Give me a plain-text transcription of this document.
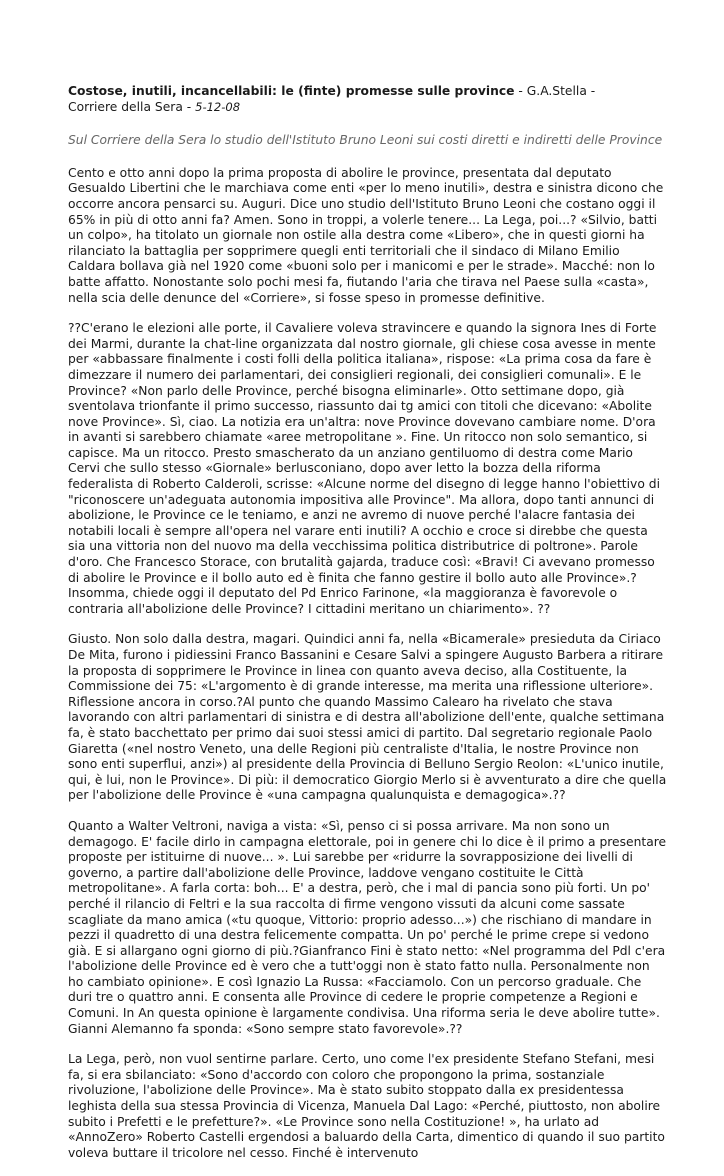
Costose, inutili, incancellabili: le (finte) promesse sulle province - G.A.Stella -
Corriere della Sera - 5-12-08
Sul Corriere della Sera lo studio dell'Istituto Bruno Leoni sui costi diretti e indiretti delle Province
Cento e otto anni dopo la prima proposta di abolire le province, presentata dal deputato Gesualdo Libertini che le marchiava come enti «per lo meno inutili», destra e sinistra dicono che occorre ancora pensarci su. Auguri. Dice uno studio dell'Istituto Bruno Leoni che costano oggi il 65% in più di otto anni fa? Amen. Sono in troppi, a volerle tenere... La Lega, poi...? «Silvio, batti un colpo», ha titolato un giornale non ostile alla destra come «Libero», che in questi giorni ha rilanciato la battaglia per sopprimere quegli enti territoriali che il sindaco di Milano Emilio Caldara bollava già nel 1920 come «buoni solo per i manicomi e per le strade». Macché: non lo batte affatto. Nonostante solo pochi mesi fa, fiutando l'aria che tirava nel Paese sulla «casta», nella scia delle denunce del «Corriere», si fosse speso in promesse definitive.
??C'erano le elezioni alle porte, il Cavaliere voleva stravincere e quando la signora Ines di Forte dei Marmi, durante la chat-line organizzata dal nostro giornale, gli chiese cosa avesse in mente per «abbassare finalmente i costi folli della politica italiana», rispose: «La prima cosa da fare è dimezzare il numero dei parlamentari, dei consiglieri regionali, dei consiglieri comunali». E le Province? «Non parlo delle Province, perché bisogna eliminarle». Otto settimane dopo, già sventolava trionfante il primo successo, riassunto dai tg amici con titoli che dicevano: «Abolite nove Province». Sì, ciao. La notizia era un'altra: nove Province dovevano cambiare nome. D'ora in avanti si sarebbero chiamate «aree metropolitane ». Fine. Un ritocco non solo semantico, si capisce. Ma un ritocco. Presto smascherato da un anziano gentiluomo di destra come Mario Cervi che sullo stesso «Giornale» berlusconiano, dopo aver letto la bozza della riforma federalista di Roberto Calderoli, scrisse: «Alcune norme del disegno di legge hanno l'obiettivo di "riconoscere un'adeguata autonomia impositiva alle Province". Ma allora, dopo tanti annunci di abolizione, le Province ce le teniamo, e anzi ne avremo di nuove perché l'alacre fantasia dei notabili locali è sempre all'opera nel varare enti inutili? A occhio e croce si direbbe che questa sia una vittoria non del nuovo ma della vecchissima politica distributrice di poltrone». Parole d'oro. Che Francesco Storace, con brutalità gajarda, traduce così: «Bravi! Ci avevano promesso di abolire le Province e il bollo auto ed è finita che fanno gestire il bollo auto alle Province».?Insomma, chiede oggi il deputato del Pd Enrico Farinone, «la maggioranza è favorevole o contraria all'abolizione delle Province? I cittadini meritano un chiarimento». ??
Giusto. Non solo dalla destra, magari. Quindici anni fa, nella «Bicamerale» presieduta da Ciriaco De Mita, furono i pidiessini Franco Bassanini e Cesare Salvi a spingere Augusto Barbera a ritirare la proposta di sopprimere le Province in linea con quanto aveva deciso, alla Costituente, la Commissione dei 75: «L'argomento è di grande interesse, ma merita una riflessione ulteriore». Riflessione ancora in corso.?Al punto che quando Massimo Calearo ha rivelato che stava lavorando con altri parlamentari di sinistra e di destra all'abolizione dell'ente, qualche settimana fa, è stato bacchettato per primo dai suoi stessi amici di partito. Dal segretario regionale Paolo Giaretta («nel nostro Veneto, una delle Regioni più centraliste d'Italia, le nostre Province non sono enti superflui, anzi») al presidente della Provincia di Belluno Sergio Reolon: «L'unico inutile, qui, è lui, non le Province». Di più: il democratico Giorgio Merlo si è avventurato a dire che quella per l'abolizione delle Province è «una campagna qualunquista e demagogica».??
Quanto a Walter Veltroni, naviga a vista: «Sì, penso ci si possa arrivare. Ma non sono un demagogo. E' facile dirlo in campagna elettorale, poi in genere chi lo dice è il primo a presentare proposte per istituirne di nuove... ». Lui sarebbe per «ridurre la sovrapposizione dei livelli di governo, a partire dall'abolizione delle Province, laddove vengano costituite le Città metropolitane». A farla corta: boh... E' a destra, però, che i mal di pancia sono più forti. Un po' perché il rilancio di Feltri e la sua raccolta di firme vengono vissuti da alcuni come sassate scagliate da mano amica («tu quoque, Vittorio: proprio adesso...») che rischiano di mandare in pezzi il quadretto di una destra felicemente compatta. Un po' perché le prime crepe si vedono già. E si allargano ogni giorno di più.?Gianfranco Fini è stato netto: «Nel programma del Pdl c'era l'abolizione delle Province ed è vero che a tutt'oggi non è stato fatto nulla. Personalmente non ho cambiato opinione». E così Ignazio La Russa: «Facciamolo. Con un percorso graduale. Che duri tre o quattro anni. E consenta alle Province di cedere le proprie competenze a Regioni e Comuni. In An questa opinione è largamente condivisa. Una riforma seria le deve abolire tutte». Gianni Alemanno fa sponda: «Sono sempre stato favorevole».??
La Lega, però, non vuol sentirne parlare. Certo, uno come l'ex presidente Stefano Stefani, mesi fa, si era sbilanciato: «Sono d'accordo con coloro che propongono la prima, sostanziale rivoluzione, l'abolizione delle Province». Ma è stato subito stoppato dalla ex presidentessa leghista della sua stessa Provincia di Vicenza, Manuela Dal Lago: «Perché, piuttosto, non abolire subito i Prefetti e le prefetture?». «Le Province sono nella Costituzione! », ha urlato ad «AnnoZero» Roberto Castelli ergendosi a baluardo della Carta, dimentico di quando il suo partito voleva buttare il tricolore nel cesso. Finché è intervenuto
